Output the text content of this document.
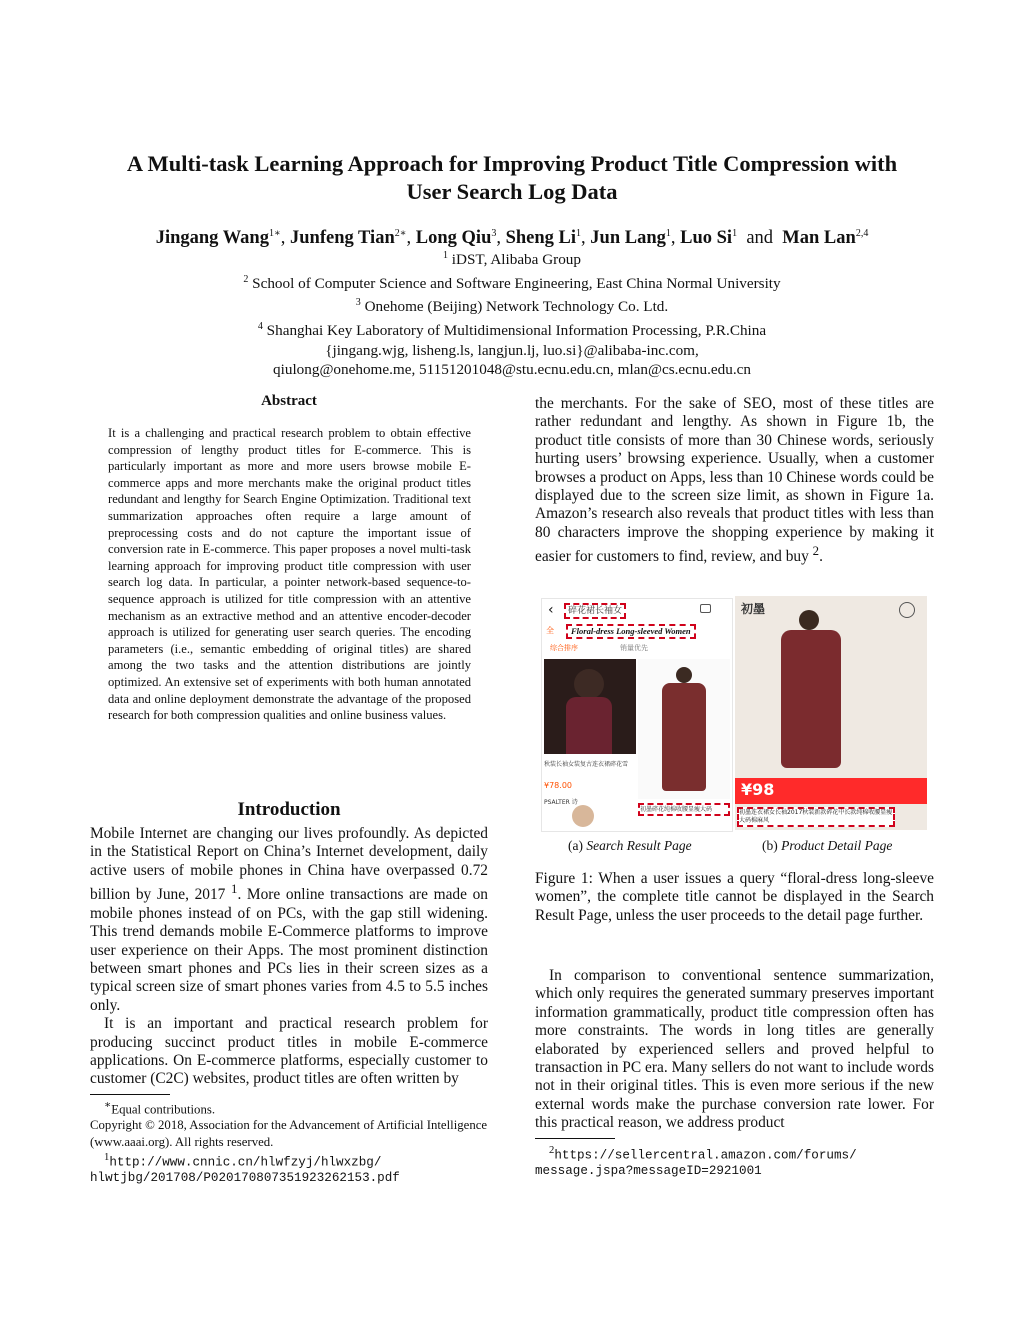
A Multi-task Learning Approach for Improving Product Title Compression with
User Search Log Data
Jingang Wang$^{1∗}$, Junfeng Tian$^{2∗}$, Long Qiu$^3$, Sheng Li$^1$, Jun Lang$^1$, Luo Si$^1$ and Man Lan$^{2,4}$
$^1$ iDST, Alibaba Group
$^2$ School of Computer Science and Software Engineering, East China Normal University
$^3$ Onehome (Beijing) Network Technology Co. Ltd.
$^4$ Shanghai Key Laboratory of Multidimensional Information Processing, P.R.China
{jingang.wjg, lisheng.ls, langjun.lj, luo.si}@alibaba-inc.com,
qiulong@onehome.me, 51151201048@stu.ecnu.edu.cn, mlan@cs.ecnu.edu.cn
Abstract
It is a challenging and practical research problem to obtain effective compression of lengthy product titles for E-commerce. This is particularly important as more and more users browse mobile E-commerce apps and more merchants make the original product titles redundant and lengthy for Search Engine Optimization. Traditional text summarization approaches often require a large amount of preprocessing costs and do not capture the important issue of conversion rate in E-commerce. This paper proposes a novel multi-task learning approach for improving product title compression with user search log data. In particular, a pointer network-based sequence-to-sequence approach is utilized for title compression with an attentive mechanism as an extractive method and an attentive encoder-decoder approach is utilized for generating user search queries. The encoding parameters (i.e., semantic embedding of original titles) are shared among the two tasks and the attention distributions are jointly optimized. An extensive set of experiments with both human annotated data and online deployment demonstrate the advantage of the proposed research for both compression qualities and online business values.
Introduction

Mobile Internet are changing our lives profoundly. As depicted in the Statistical Report on China’s Internet development, daily active users of mobile phones in China have overpassed 0.72 billion by June, 2017 $^1$. More online transactions are made on mobile phones instead of on PCs, with the gap still widening. This trend demands mobile E-Commerce platforms to improve user experience on their Apps. The most prominent distinction between smart phones and PCs lies in their screen sizes as a typical screen size of smart phones varies from 4.5 to 5.5 inches only.

It is an important and practical research problem for producing succinct product titles in mobile E-commerce applications. On E-commerce platforms, especially customer to customer (C2C) websites, product titles are often written by

∗Equal contributions.
Copyright © 2018, Association for the Advancement of Artificial Intelligence (www.aaai.org). All rights reserved.
$^1$http://www.cnnic.cn/hlwfzyj/hlwxzbg/
hlwtjbg/201708/P020170807351923262153.pdf
the merchants. For the sake of SEO, most of these titles are rather redundant and lengthy. As shown in Figure 1b, the product title consists of more than 30 Chinese words, seriously hurting users’ browsing experience. Usually, when a customer browses a product on Apps, less than 10 Chinese words could be displayed due to the screen size limit, as shown in Figure 1a. Amazon’s research also reveals that product titles with less than 80 characters improve the shopping experience by making it easier for customers to find, review, and buy $^2$.
‹	碎花裙长袖女
全	Floral-dress Long-sleeved Women
综合排序	销量优先
秋装长袖女装复古连衣裙碎花雪
¥78.00
PSALTER 诗
初墨碎花纯棉收腰显瘦大码
初墨
¥98
初墨连衣裙女长袖2017秋装新款碎花中长款纯棉收腰显瘦大码棉麻风
(a) Search Result Page	(b) Product Detail Page
Figure 1: When a user issues a query “floral-dress long-sleeve women”, the complete title cannot be displayed in the Search Result Page, unless the user proceeds to the detail page further.

In comparison to conventional sentence summarization, which only requires the generated summary preserves important information grammatically, product title compression often has more constraints. The words in long titles are generally elaborated by experienced sellers and proved helpful to transaction in PC era. Many sellers do not want to include words not in their original titles. This is even more serious if the new external words make the purchase conversion rate lower. For this practical reason, we address product

$^2$https://sellercentral.amazon.com/forums/
message.jspa?messageID=2921001
